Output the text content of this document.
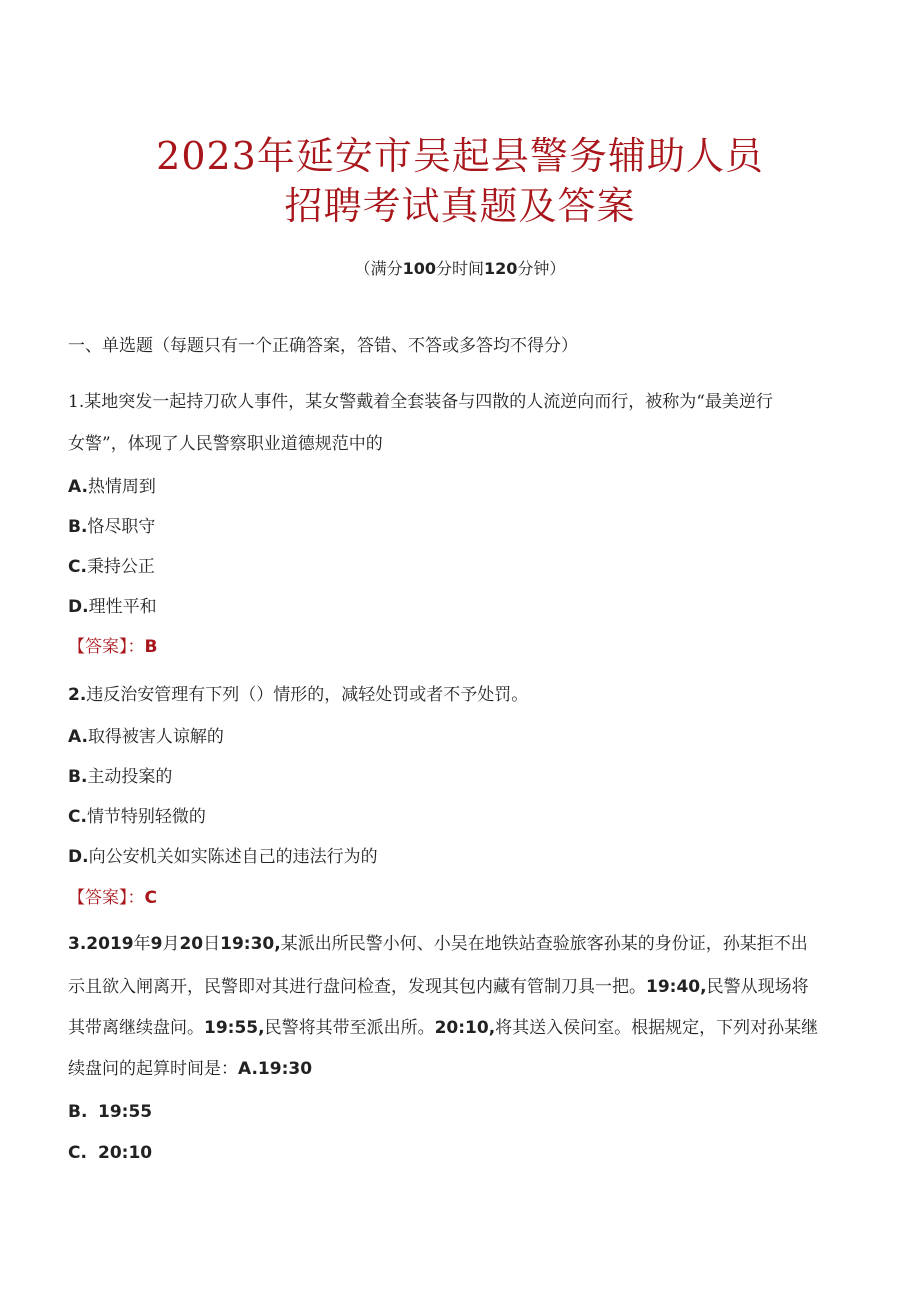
2023年延安市吴起县警务辅助人员
招聘考试真题及答案
（满分100分时间120分钟）
一、单选题（每题只有一个正确答案，答错、不答或多答均不得分）
1.某地突发一起持刀砍人事件，某女警戴着全套装备与四散的人流逆向而行，被称为“最美逆行
女警”，体现了人民警察职业道德规范中的
A.热情周到
B.恪尽职守
C.秉持公正
D.理性平和
【答案】：B
2.违反治安管理有下列（）情形的，减轻处罚或者不予处罚。
A.取得被害人谅解的
B.主动投案的
C.情节特别轻微的
D.向公安机关如实陈述自己的违法行为的
【答案】：C
3.2019年9月20日19:30,某派出所民警小何、小吴在地铁站查验旅客孙某的身份证，孙某拒不出
示且欲入闸离开，民警即对其进行盘问检查，发现其包内藏有管制刀具一把。19:40,民警从现场将
其带离继续盘问。19:55,民警将其带至派出所。20:10,将其送入侯问室。根据规定，下列对孙某继
续盘问的起算时间是：A.19:30
B. 19:55
C. 20:10
